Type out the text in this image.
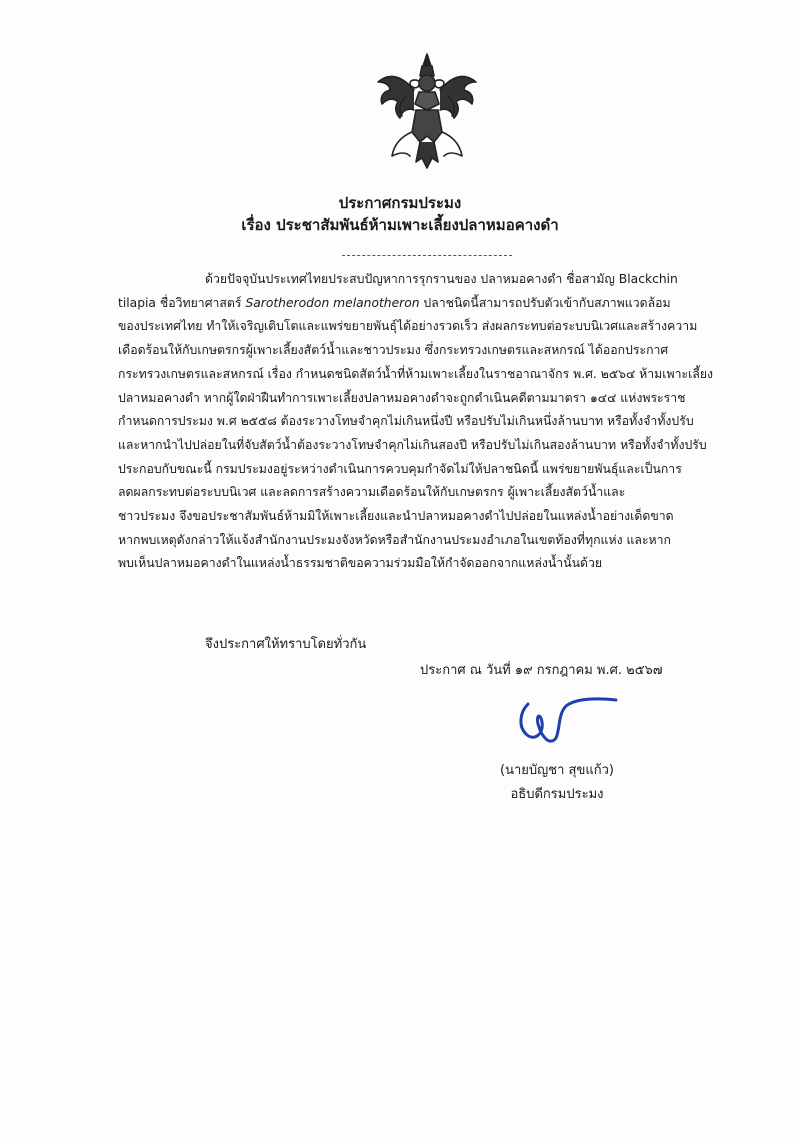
ประกาศกรมประมง
เรื่อง ประชาสัมพันธ์ห้ามเพาะเลี้ยงปลาหมอคางดำ

ด้วยปัจจุบันประเทศไทยประสบปัญหาการรุกรานของ ปลาหมอคางดำ ชื่อสามัญ Blackchin
tilapia ชื่อวิทยาศาสตร์ Sarotherodon melanotheron ปลาชนิดนี้สามารถปรับตัวเข้ากับสภาพแวดล้อม
ของประเทศไทย ทำให้เจริญเติบโตและแพร่ขยายพันธุ์ได้อย่างรวดเร็ว ส่งผลกระทบต่อระบบนิเวศและสร้างความ
เดือดร้อนให้กับเกษตรกรผู้เพาะเลี้ยงสัตว์น้ำและชาวประมง ซึ่งกระทรวงเกษตรและสหกรณ์ ได้ออกประกาศ
กระทรวงเกษตรและสหกรณ์ เรื่อง กำหนดชนิดสัตว์น้ำที่ห้ามเพาะเลี้ยงในราชอาณาจักร พ.ศ. ๒๕๖๔ ห้ามเพาะเลี้ยง
ปลาหมอคางดำ หากผู้ใดฝ่าฝืนทำการเพาะเลี้ยงปลาหมอคางดำจะถูกดำเนินคดีตามมาตรา ๑๔๔ แห่งพระราช
กำหนดการประมง พ.ศ ๒๕๕๘ ต้องระวางโทษจำคุกไม่เกินหนึ่งปี หรือปรับไม่เกินหนึ่งล้านบาท หรือทั้งจำทั้งปรับ
และหากนำไปปล่อยในที่จับสัตว์น้ำต้องระวางโทษจำคุกไม่เกินสองปี หรือปรับไม่เกินสองล้านบาท หรือทั้งจำทั้งปรับ
ประกอบกับขณะนี้ กรมประมงอยู่ระหว่างดำเนินการควบคุมกำจัดไม่ให้ปลาชนิดนี้ แพร่ขยายพันธุ์และเป็นการ
ลดผลกระทบต่อระบบนิเวศ และลดการสร้างความเดือดร้อนให้กับเกษตรกร ผู้เพาะเลี้ยงสัตว์น้ำและ
ชาวประมง จึงขอประชาสัมพันธ์ห้ามมิให้เพาะเลี้ยงและนำปลาหมอคางดำไปปล่อยในแหล่งน้ำอย่างเด็ดขาด
หากพบเหตุดังกล่าวให้แจ้งสำนักงานประมงจังหวัดหรือสำนักงานประมงอำเภอในเขตท้องที่ทุกแห่ง และหาก
พบเห็นปลาหมอคางดำในแหล่งน้ำธรรมชาติขอความร่วมมือให้กำจัดออกจากแหล่งน้ำนั้นด้วย

จึงประกาศให้ทราบโดยทั่วกัน
ประกาศ ณ วันที่ ๑๙ กรกฎาคม พ.ศ. ๒๕๖๗
(นายบัญชา สุขแก้ว)
อธิบดีกรมประมง
